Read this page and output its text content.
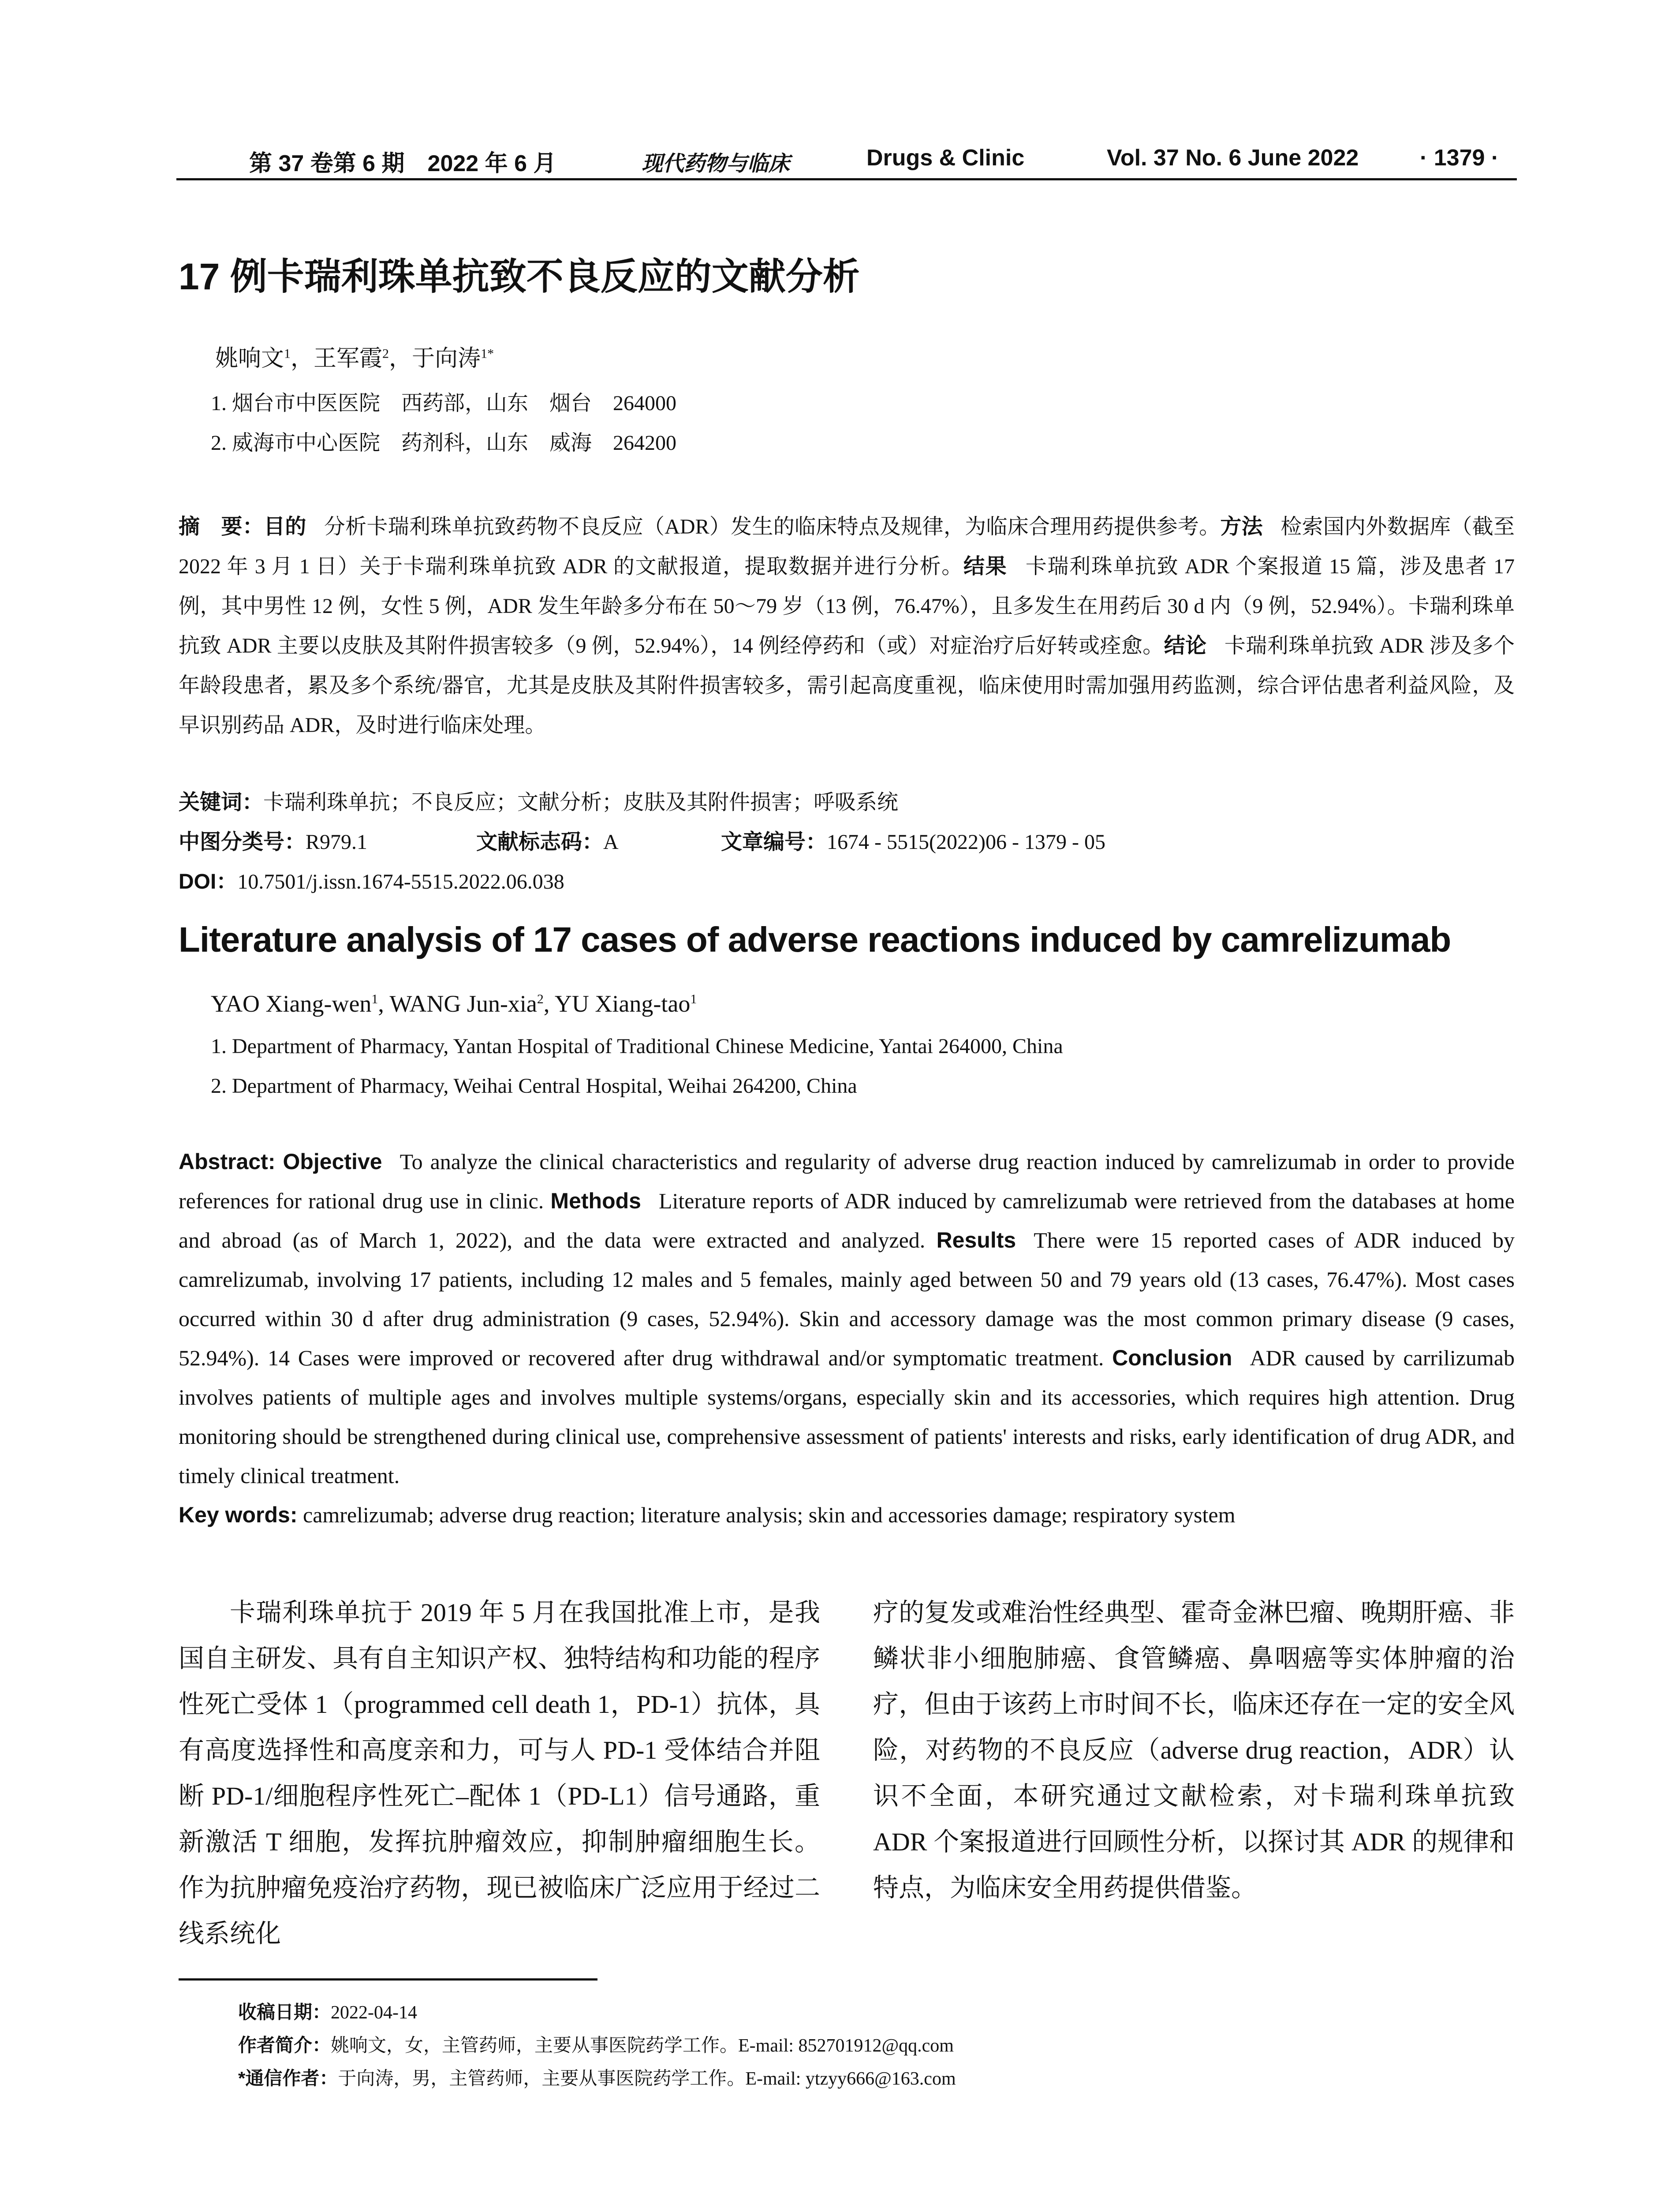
第 37 卷第 6 期　2022 年 6 月	现代药物与临床	Drugs & Clinic	Vol. 37 No. 6 June 2022	· 1379 ·
17 例卡瑞利珠单抗致不良反应的文献分析
姚响文$^1$，王军霞$^2$，于向涛$^{1*}$
1. 烟台市中医医院　西药部，山东　烟台　264000
2. 威海市中心医院　药剂科，山东　威海　264200
摘　要：目的 分析卡瑞利珠单抗致药物不良反应（ADR）发生的临床特点及规律，为临床合理用药提供参考。方法 检索国内外数据库（截至 2022 年 3 月 1 日）关于卡瑞利珠单抗致 ADR 的文献报道，提取数据并进行分析。结果 卡瑞利珠单抗致 ADR 个案报道 15 篇，涉及患者 17 例，其中男性 12 例，女性 5 例，ADR 发生年龄多分布在 50～79 岁（13 例，76.47%），且多发生在用药后 30 d 内（9 例，52.94%）。卡瑞利珠单抗致 ADR 主要以皮肤及其附件损害较多（9 例，52.94%），14 例经停药和（或）对症治疗后好转或痊愈。结论 卡瑞利珠单抗致 ADR 涉及多个年龄段患者，累及多个系统/器官，尤其是皮肤及其附件损害较多，需引起高度重视，临床使用时需加强用药监测，综合评估患者利益风险，及早识别药品 ADR，及时进行临床处理。
关键词：卡瑞利珠单抗；不良反应；文献分析；皮肤及其附件损害；呼吸系统
中图分类号：R979.1	文献标志码：A	文章编号：1674 - 5515(2022)06 - 1379 - 05
DOI：10.7501/j.issn.1674-5515.2022.06.038
Literature analysis of 17 cases of adverse reactions induced by camrelizumab
YAO Xiang-wen$^1$, WANG Jun-xia$^2$, YU Xiang-tao$^1$
1. Department of Pharmacy, Yantan Hospital of Traditional Chinese Medicine, Yantai 264000, China
2. Department of Pharmacy, Weihai Central Hospital, Weihai 264200, China
Abstract: Objective To analyze the clinical characteristics and regularity of adverse drug reaction induced by camrelizumab in order to provide references for rational drug use in clinic. Methods Literature reports of ADR induced by camrelizumab were retrieved from the databases at home and abroad (as of March 1, 2022), and the data were extracted and analyzed. Results There were 15 reported cases of ADR induced by camrelizumab, involving 17 patients, including 12 males and 5 females, mainly aged between 50 and 79 years old (13 cases, 76.47%). Most cases occurred within 30 d after drug administration (9 cases, 52.94%). Skin and accessory damage was the most common primary disease (9 cases, 52.94%). 14 Cases were improved or recovered after drug withdrawal and/or symptomatic treatment. Conclusion ADR caused by carrilizumab involves patients of multiple ages and involves multiple systems/organs, especially skin and its accessories, which requires high attention. Drug monitoring should be strengthened during clinical use, comprehensive assessment of patients' interests and risks, early identification of drug ADR, and timely clinical treatment.
Key words: camrelizumab; adverse drug reaction; literature analysis; skin and accessories damage; respiratory system
卡瑞利珠单抗于 2019 年 5 月在我国批准上市，是我国自主研发、具有自主知识产权、独特结构和功能的程序性死亡受体 1（programmed cell death 1，PD-1）抗体，具有高度选择性和高度亲和力，可与人 PD-1 受体结合并阻断 PD-1/细胞程序性死亡–配体 1（PD-L1）信号通路，重新激活 T 细胞，发挥抗肿瘤效应，抑制肿瘤细胞生长。作为抗肿瘤免疫治疗药物，现已被临床广泛应用于经过二线系统化
疗的复发或难治性经典型、霍奇金淋巴瘤、晚期肝癌、非鳞状非小细胞肺癌、食管鳞癌、鼻咽癌等实体肿瘤的治疗，但由于该药上市时间不长，临床还存在一定的安全风险，对药物的不良反应（adverse drug reaction，ADR）认识不全面，本研究通过文献检索，对卡瑞利珠单抗致 ADR 个案报道进行回顾性分析，以探讨其 ADR 的规律和特点，为临床安全用药提供借鉴。
收稿日期：2022-04-14
作者简介：姚响文，女，主管药师，主要从事医院药学工作。E-mail: 852701912@qq.com
*通信作者：于向涛，男，主管药师，主要从事医院药学工作。E-mail: ytzyy666@163.com
